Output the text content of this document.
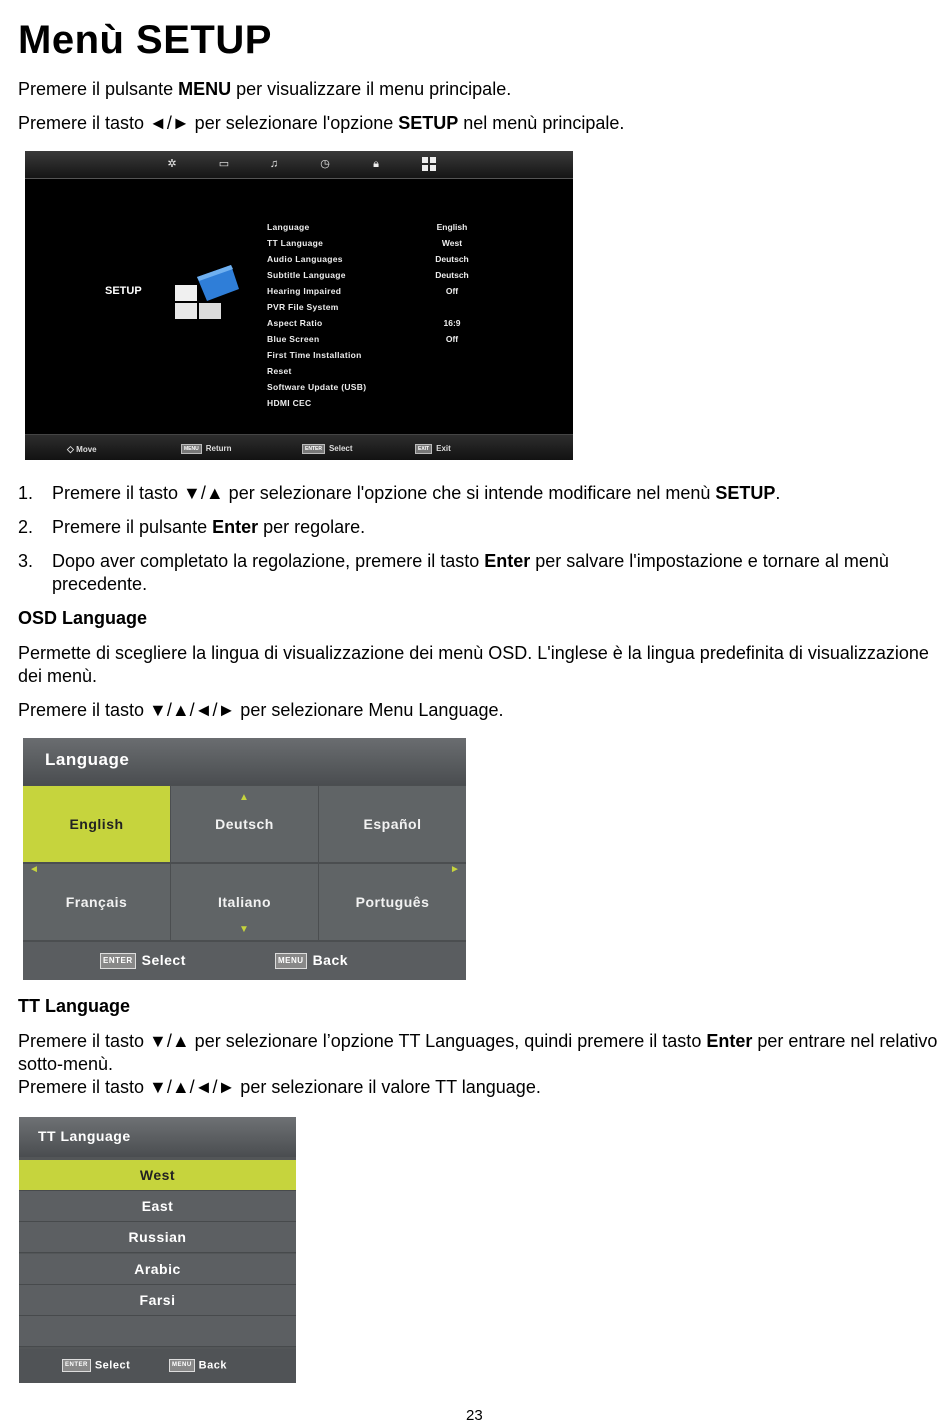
Menù SETUP
Premere il pulsante MENU per visualizzare il menu principale.
Premere il tasto ◄/► per selezionare l'opzione SETUP nel menù principale.
✲	▭	♫	◷	🔒︎
SETUP
Language	English
TT Language	West
Audio Languages	Deutsch
Subtitle Language	Deutsch
Hearing Impaired	Off
PVR File System
Aspect Ratio	16:9
Blue Screen	Off
First Time Installation
Reset
Software Update (USB)
HDMI CEC
◇ Move	MENU Return	ENTER Select	EXIT Exit
1. Premere il tasto ▼/▲ per selezionare l'opzione che si intende modificare nel menù SETUP.
2. Premere il pulsante Enter per regolare.
3. Dopo aver completato la regolazione, premere il tasto Enter per salvare l'impostazione e tornare al menù precedente.
OSD Language
Permette di scegliere la lingua di visualizzazione dei menù OSD. L'inglese è la lingua predefinita di visualizzazione dei menù.
Premere il tasto ▼/▲/◄/► per selezionare Menu Language.
Language
English	Deutsch	Español
Français	Italiano	Português
▲
▼
◄	►
ENTER Select	MENU Back
TT Language
Premere il tasto ▼/▲ per selezionare l’opzione TT Languages, quindi premere il tasto Enter per entrare nel relativo sotto-menù.
Premere il tasto ▼/▲/◄/► per selezionare il valore TT language.
TT Language
West
East
Russian
Arabic
Farsi
ENTER Select	MENU Back
23
